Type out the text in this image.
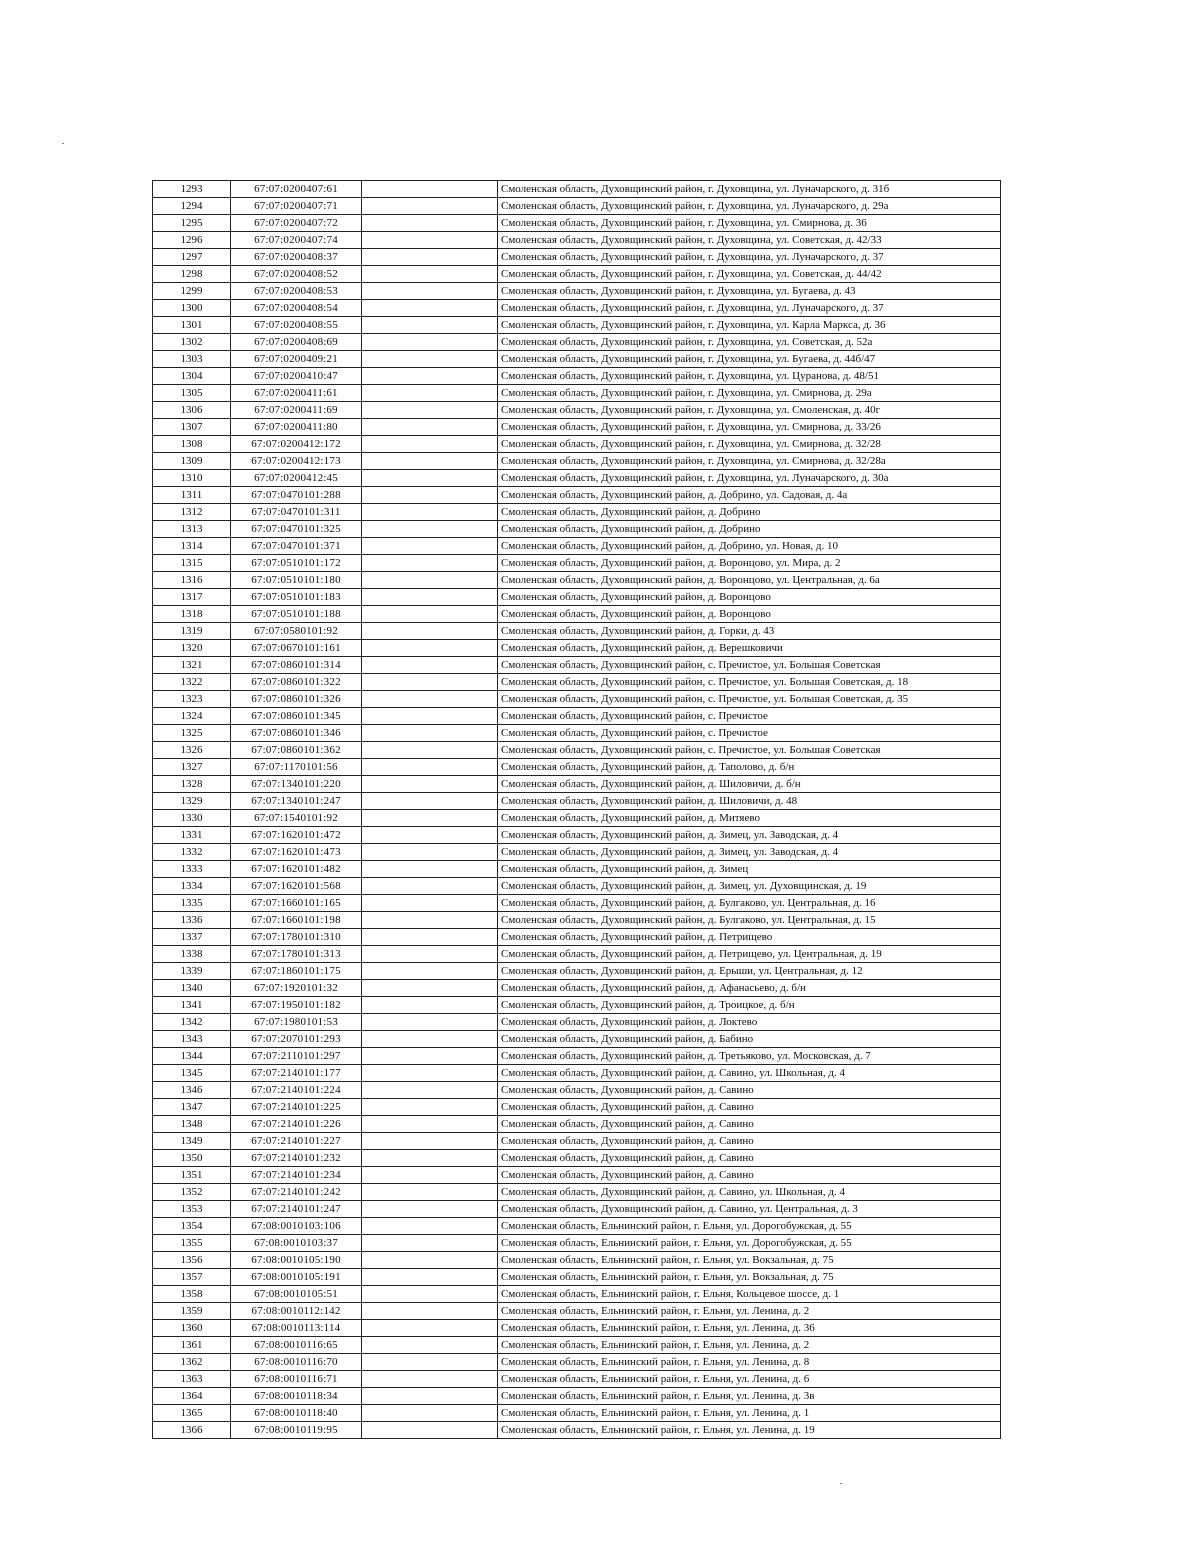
1293	67:07:0200407:61		Смоленская область, Духовщинский район, г. Духовщина, ул. Луначарского, д. 31б
1294	67:07:0200407:71		Смоленская область, Духовщинский район, г. Духовщина, ул. Луначарского, д. 29а
1295	67:07:0200407:72		Смоленская область, Духовщинский район, г. Духовщина, ул. Смирнова, д. 36
1296	67:07:0200407:74		Смоленская область, Духовщинский район, г. Духовщина, ул. Советская, д. 42/33
1297	67:07:0200408:37		Смоленская область, Духовщинский район, г. Духовщина, ул. Луначарского, д. 37
1298	67:07:0200408:52		Смоленская область, Духовщинский район, г. Духовщина, ул. Советская, д. 44/42
1299	67:07:0200408:53		Смоленская область, Духовщинский район, г. Духовщина, ул. Бугаева, д. 43
1300	67:07:0200408:54		Смоленская область, Духовщинский район, г. Духовщина, ул. Луначарского, д. 37
1301	67:07:0200408:55		Смоленская область, Духовщинский район, г. Духовщина, ул. Карла Маркса, д. 36
1302	67:07:0200408:69		Смоленская область, Духовщинский район, г. Духовщина, ул. Советская, д. 52а
1303	67:07:0200409:21		Смоленская область, Духовщинский район, г. Духовщина, ул. Бугаева, д. 44б/47
1304	67:07:0200410:47		Смоленская область, Духовщинский район, г. Духовщина, ул. Цуранова, д. 48/51
1305	67:07:0200411:61		Смоленская область, Духовщинский район, г. Духовщина, ул. Смирнова, д. 29а
1306	67:07:0200411:69		Смоленская область, Духовщинский район, г. Духовщина, ул. Смоленская, д. 40г
1307	67:07:0200411:80		Смоленская область, Духовщинский район, г. Духовщина, ул. Смирнова, д. 33/26
1308	67:07:0200412:172		Смоленская область, Духовщинский район, г. Духовщина, ул. Смирнова, д. 32/28
1309	67:07:0200412:173		Смоленская область, Духовщинский район, г. Духовщина, ул. Смирнова, д. 32/28а
1310	67:07:0200412:45		Смоленская область, Духовщинский район, г. Духовщина, ул. Луначарского, д. 30а
1311	67:07:0470101:288		Смоленская область, Духовщинский район, д. Добрино, ул. Садовая, д. 4а
1312	67:07:0470101:311		Смоленская область, Духовщинский район, д. Добрино
1313	67:07:0470101:325		Смоленская область, Духовщинский район, д. Добрино
1314	67:07:0470101:371		Смоленская область, Духовщинский район, д. Добрино, ул. Новая, д. 10
1315	67:07:0510101:172		Смоленская область, Духовщинский район, д. Воронцово, ул. Мира, д. 2
1316	67:07:0510101:180		Смоленская область, Духовщинский район, д. Воронцово, ул. Центральная, д. 6а
1317	67:07:0510101:183		Смоленская область, Духовщинский район, д. Воронцово
1318	67:07:0510101:188		Смоленская область, Духовщинский район, д. Воронцово
1319	67:07:0580101:92		Смоленская область, Духовщинский район, д. Горки, д. 43
1320	67:07:0670101:161		Смоленская область, Духовщинский район, д. Верешковичи
1321	67:07:0860101:314		Смоленская область, Духовщинский район, с. Пречистое, ул. Большая Советская
1322	67:07:0860101:322		Смоленская область, Духовщинский район, с. Пречистое, ул. Большая Советская, д. 18
1323	67:07:0860101:326		Смоленская область, Духовщинский район, с. Пречистое, ул. Большая Советская, д. 35
1324	67:07:0860101:345		Смоленская область, Духовщинский район, с. Пречистое
1325	67:07:0860101:346		Смоленская область, Духовщинский район, с. Пречистое
1326	67:07:0860101:362		Смоленская область, Духовщинский район, с. Пречистое, ул. Большая Советская
1327	67:07:1170101:56		Смоленская область, Духовщинский район, д. Таполово, д. б/н
1328	67:07:1340101:220		Смоленская область, Духовщинский район, д. Шиловичи, д. б/н
1329	67:07:1340101:247		Смоленская область, Духовщинский район, д. Шиловичи, д. 48
1330	67:07:1540101:92		Смоленская область, Духовщинский район, д. Митяево
1331	67:07:1620101:472		Смоленская область, Духовщинский район, д. Зимец, ул. Заводская, д. 4
1332	67:07:1620101:473		Смоленская область, Духовщинский район, д. Зимец, ул. Заводская, д. 4
1333	67:07:1620101:482		Смоленская область, Духовщинский район, д. Зимец
1334	67:07:1620101:568		Смоленская область, Духовщинский район, д. Зимец, ул. Духовщинская, д. 19
1335	67:07:1660101:165		Смоленская область, Духовщинский район, д. Булгаково, ул. Центральная, д. 16
1336	67:07:1660101:198		Смоленская область, Духовщинский район, д. Булгаково, ул. Центральная, д. 15
1337	67:07:1780101:310		Смоленская область, Духовщинский район, д. Петрищево
1338	67:07:1780101:313		Смоленская область, Духовщинский район, д. Петрищево, ул. Центральная, д. 19
1339	67:07:1860101:175		Смоленская область, Духовщинский район, д. Ерыши, ул. Центральная, д. 12
1340	67:07:1920101:32		Смоленская область, Духовщинский район, д. Афанасьево, д. б/н
1341	67:07:1950101:182		Смоленская область, Духовщинский район, д. Троицкое, д. б/н
1342	67:07:1980101:53		Смоленская область, Духовщинский район, д. Локтево
1343	67:07:2070101:293		Смоленская область, Духовщинский район, д. Бабино
1344	67:07:2110101:297		Смоленская область, Духовщинский район, д. Третьяково, ул. Московская, д. 7
1345	67:07:2140101:177		Смоленская область, Духовщинский район, д. Савино, ул. Школьная, д. 4
1346	67:07:2140101:224		Смоленская область, Духовщинский район, д. Савино
1347	67:07:2140101:225		Смоленская область, Духовщинский район, д. Савино
1348	67:07:2140101:226		Смоленская область, Духовщинский район, д. Савино
1349	67:07:2140101:227		Смоленская область, Духовщинский район, д. Савино
1350	67:07:2140101:232		Смоленская область, Духовщинский район, д. Савино
1351	67:07:2140101:234		Смоленская область, Духовщинский район, д. Савино
1352	67:07:2140101:242		Смоленская область, Духовщинский район, д. Савино, ул. Школьная, д. 4
1353	67:07:2140101:247		Смоленская область, Духовщинский район, д. Савино, ул. Центральная, д. 3
1354	67:08:0010103:106		Смоленская область, Ельнинский район, г. Ельня, ул. Дорогобужская, д. 55
1355	67:08:0010103:37		Смоленская область, Ельнинский район, г. Ельня, ул. Дорогобужская, д. 55
1356	67:08:0010105:190		Смоленская область, Ельнинский район, г. Ельня, ул. Вокзальная, д. 75
1357	67:08:0010105:191		Смоленская область, Ельнинский район, г. Ельня, ул. Вокзальная, д. 75
1358	67:08:0010105:51		Смоленская область, Ельнинский район, г. Ельня, Кольцевое шоссе, д. 1
1359	67:08:0010112:142		Смоленская область, Ельнинский район, г. Ельня, ул. Ленина, д. 2
1360	67:08:0010113:114		Смоленская область, Ельнинский район, г. Ельня, ул. Ленина, д. 36
1361	67:08:0010116:65		Смоленская область, Ельнинский район, г. Ельня, ул. Ленина, д. 2
1362	67:08:0010116:70		Смоленская область, Ельнинский район, г. Ельня, ул. Ленина, д. 8
1363	67:08:0010116:71		Смоленская область, Ельнинский район, г. Ельня, ул. Ленина, д. 6
1364	67:08:0010118:34		Смоленская область, Ельнинский район, г. Ельня, ул. Ленина, д. 3в
1365	67:08:0010118:40		Смоленская область, Ельнинский район, г. Ельня, ул. Ленина, д. 1
1366	67:08:0010119:95		Смоленская область, Ельнинский район, г. Ельня, ул. Ленина, д. 19
